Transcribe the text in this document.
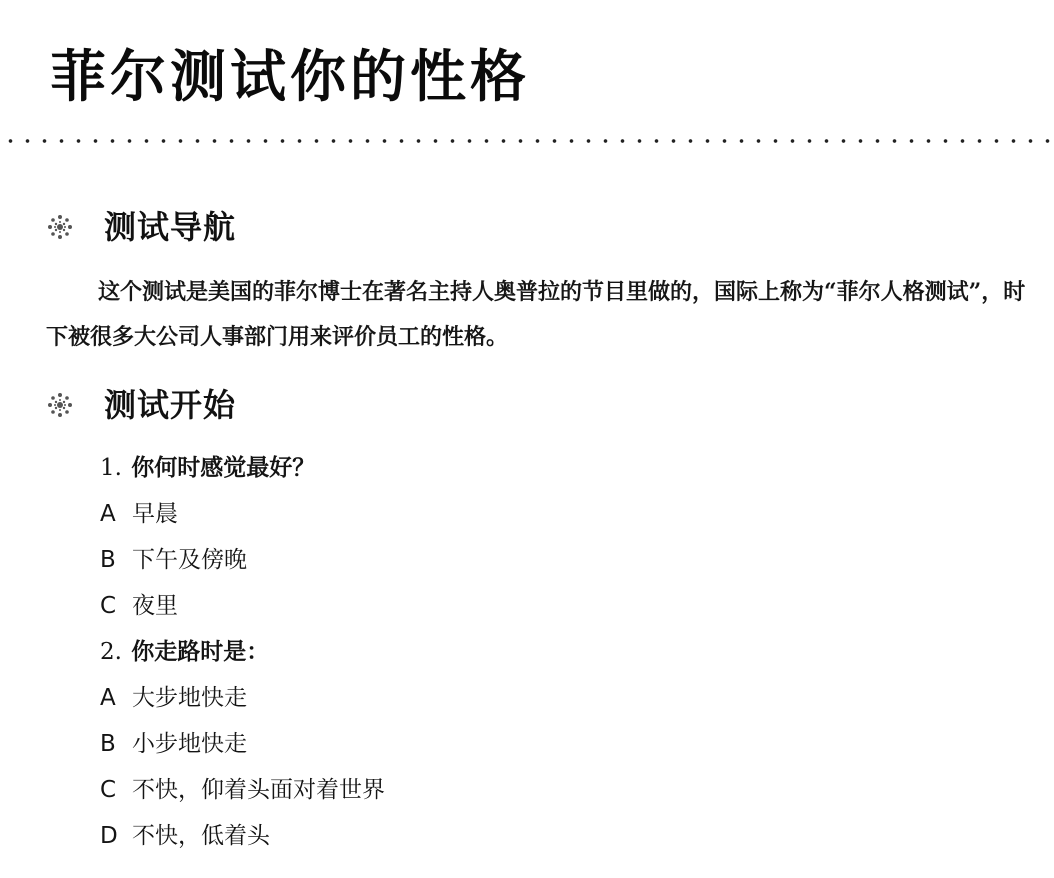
菲尔测试你的性格
测试导航

这个测试是美国的菲尔博士在著名主持人奥普拉的节目里做的，国际上称为“菲尔人格测试”，时下被很多大公司人事部门用来评价员工的性格。

测试开始
1. 你何时感觉最好？
A 早晨
B 下午及傍晚
C 夜里
2. 你走路时是：
A 大步地快走
B 小步地快走
C 不快，仰着头面对着世界
D 不快，低着头
